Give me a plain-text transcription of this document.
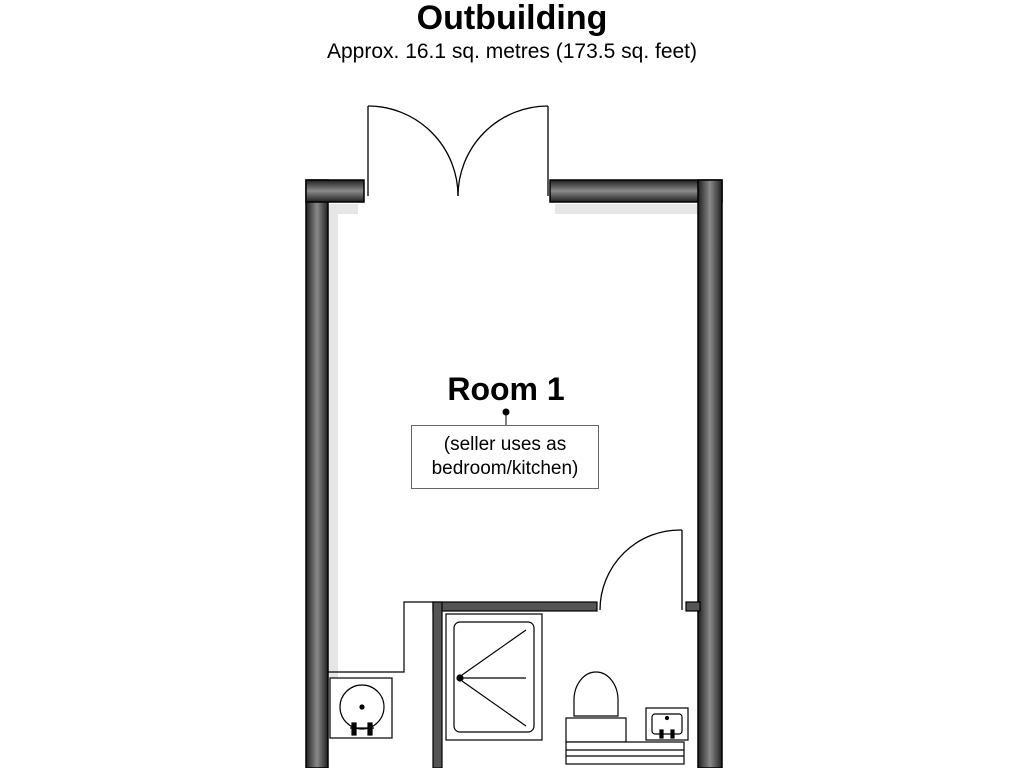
Outbuilding
Approx. 16.1 sq. metres (173.5 sq. feet)
Room 1
(seller uses as bedroom/kitchen)
